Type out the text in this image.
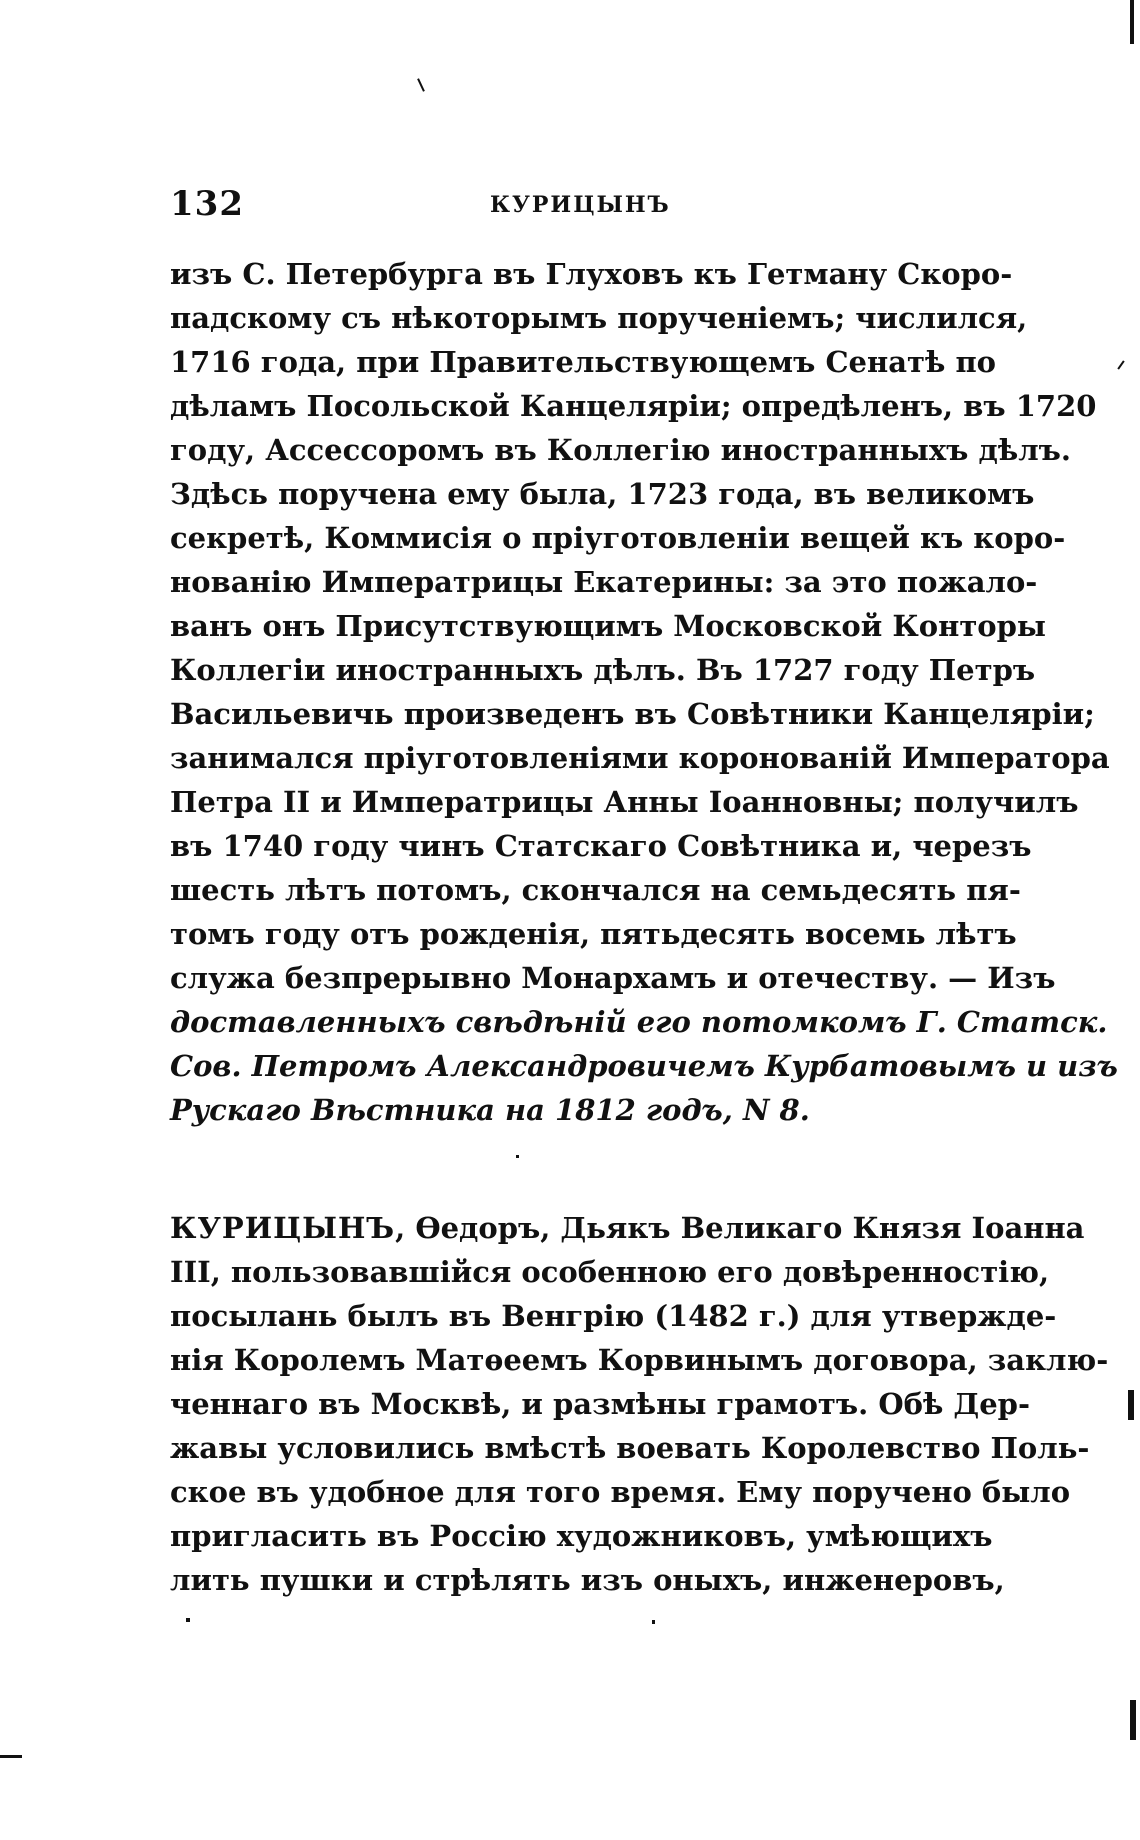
132	КУРИЦЫНЪ
изъ С. Петербурга въ Глуховъ къ Гетману Скоро-
падскому съ нѣкоторымъ порученіемъ; числился,
1716 года, при Правительствующемъ Сенатѣ по
дѣламъ Посольской Канцеляріи; опредѣленъ, въ 1720
году, Ассессоромъ въ Коллегію иностранныхъ дѣлъ.
Здѣсь поручена ему была, 1723 года, въ великомъ
секретѣ, Коммисія о пріуготовленіи вещей къ коро-
нованію Императрицы Екатерины: за это пожало-
ванъ онъ Присутствующимъ Московской Конторы
Коллегіи иностранныхъ дѣлъ. Въ 1727 году Петръ
Васильевичь произведенъ въ Совѣтники Канцеляріи;
занимался пріуготовленіями коронованій Императора
Петра II и Императрицы Анны Іоанновны; получилъ
въ 1740 году чинъ Статскаго Совѣтника и, черезъ
шесть лѣтъ потомъ, скончался на семьдесять пя-
томъ году отъ рожденія, пятьдесять восемь лѣтъ
служа безпрерывно Монархамъ и отечеству. — Изъ
доставленныхъ свѣдѣній его потомкомъ Г. Статск.
Сов. Петромъ Александровичемъ Курбатовымъ и изъ
Рускаго Вѣстника на 1812 годъ, N 8.
КУРИЦЫНЪ, Ѳедоръ, Дьякъ Великаго Князя Іоанна
III, пользовавшійся особенною его довѣренностію,
посылань былъ въ Венгрію (1482 г.) для утвержде-
нія Королемъ Матѳеемъ Корвинымъ договора, заклю-
ченнаго въ Москвѣ, и размѣны грамотъ. Обѣ Дер-
жавы условились вмѣстѣ воевать Королевство Поль-
ское въ удобное для того время. Ему поручено было
пригласить въ Россію художниковъ, умѣющихъ
лить пушки и стрѣлять изъ оныхъ, инженеровъ,
